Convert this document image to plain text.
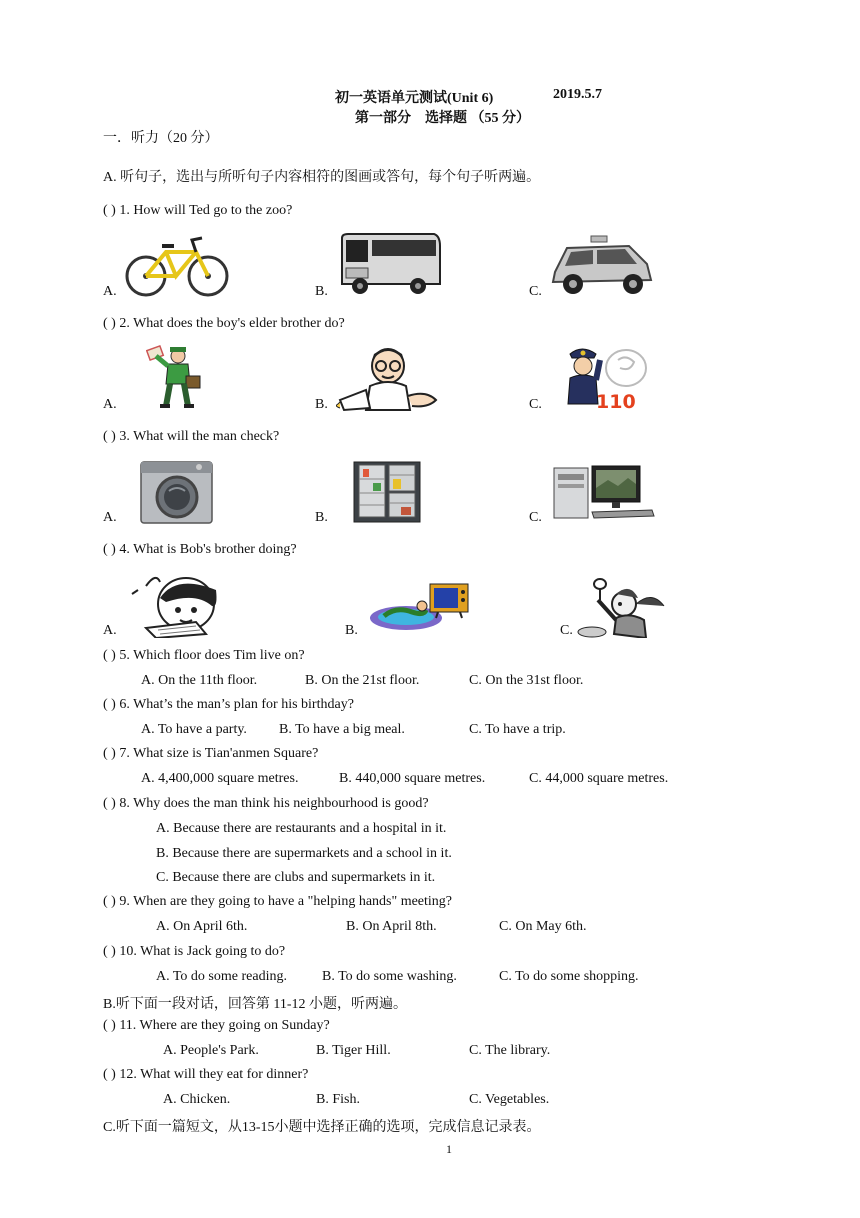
初一英语单元测试(Unit 6)	2019.5.7
第一部分　选择题 （55 分）
一．听力（20 分）
A. 听句子，选出与所听句子内容相符的图画或答句，每个句子听两遍。
( ) 1. How will Ted go to the zoo?
A.	B.	C.
( ) 2. What does the boy's elder brother do?
A.	B.	C.	110
( ) 3. What will the man check?
A.	B.	C.
( ) 4. What is Bob's brother doing?
A.	B.	C.
( ) 5. Which floor does Tim live on?
A. On the 11th floor.	B. On the 21st floor.	C. On the 31st floor.
( ) 6. What’s the man’s plan for his birthday?
A. To have a party. B. To have a big meal.	C. To have a trip.
( ) 7. What size is Tian'anmen Square?
A. 4,400,000 square metres.	B. 440,000 square metres.	C. 44,000 square metres.
( ) 8. Why does the man think his neighbourhood is good?
A. Because there are restaurants and a hospital in it.
B. Because there are supermarkets and a school in it.
C. Because there are clubs and supermarkets in it.
( ) 9. When are they going to have a "helping hands" meeting?
A. On April 6th.	B. On April 8th.	C. On May 6th.
( ) 10. What is Jack going to do?
A. To do some reading.	B. To do some washing.	C. To do some shopping.
B.听下面一段对话，回答第 11-12 小题，听两遍。
( ) 11. Where are they going on Sunday?
A. People's Park.	B. Tiger Hill.	C. The library.
( ) 12. What will they eat for dinner?
A. Chicken.	B. Fish.	C. Vegetables.
C.听下面一篇短文，从13-15小题中选择正确的选项，完成信息记录表。
1
